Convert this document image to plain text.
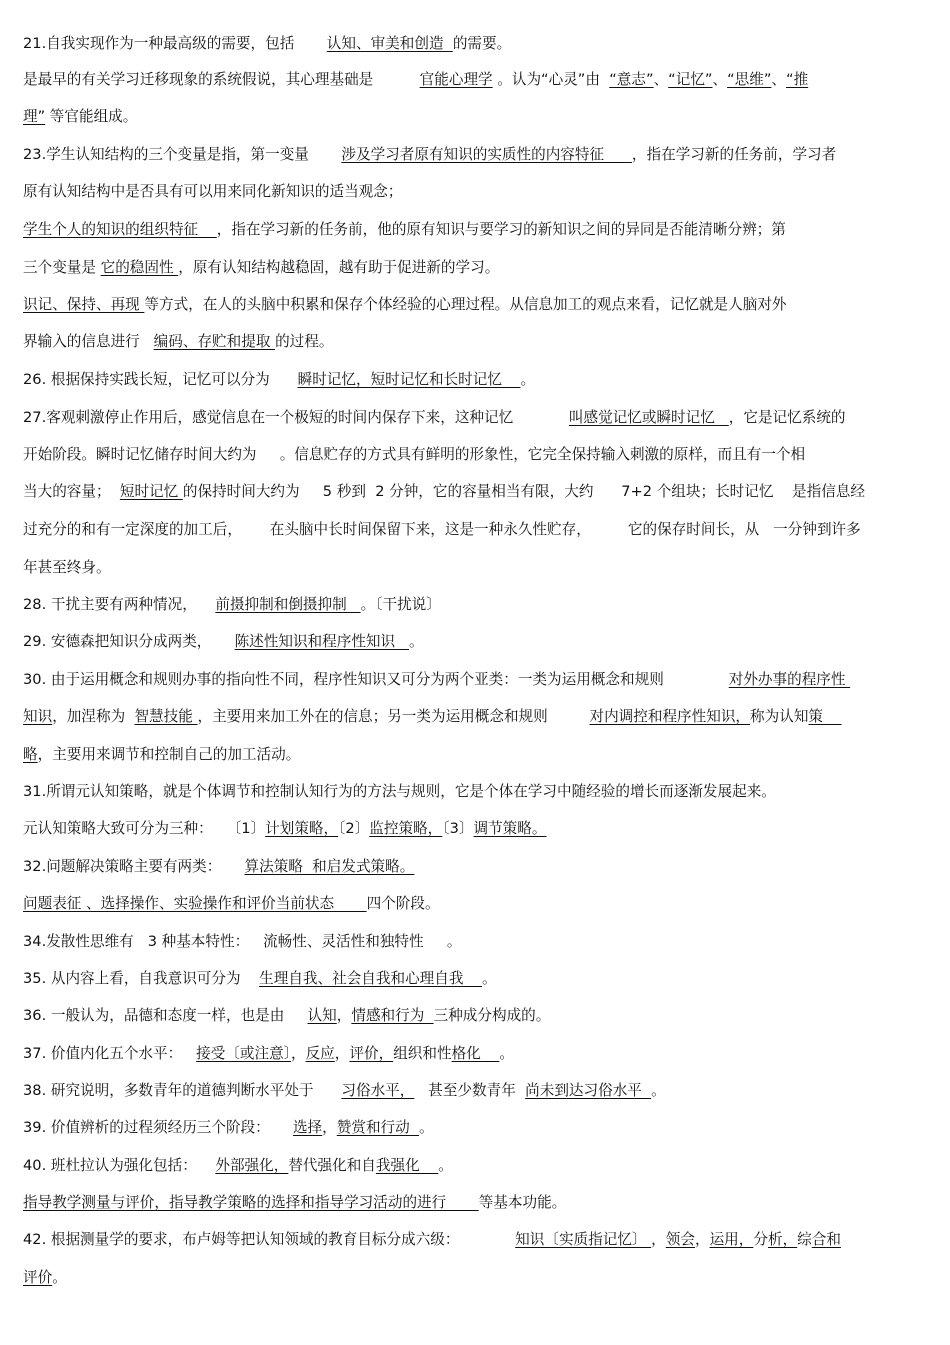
21.自我实现作为一种最高级的需要，包括       认知、审美和创造  的需要。
是最早的有关学习迁移现象的系统假说，其心理基础是          官能心理学 。认为“心灵”由  “意志”、“记忆”、“思维”、“推
理” 等官能组成。
23.学生认知结构的三个变量是指，第一变量       涉及学习者原有知识的实质性的内容特征      ，指在学习新的任务前，学习者
原有认知结构中是否具有可以用来同化新知识的适当观念；
学生个人的知识的组织特征    ，指在学习新的任务前，他的原有知识与要学习的新知识之间的异同是否能清晰分辨；第
三个变量是 它的稳固性 ，原有认知结构越稳固，越有助于促进新的学习。
识记、保持、再现 等方式，在人的头脑中积累和保存个体经验的心理过程。从信息加工的观点来看，记忆就是人脑对外
界输入的信息进行   编码、存贮和提取 的过程。
26. 根据保持实践长短，记忆可以分为      瞬时记忆，短时记忆和长时记忆    。
27.客观刺激停止作用后，感觉信息在一个极短的时间内保存下来，这种记忆            叫感觉记忆或瞬时记忆   ，它是记忆系统的
开始阶段。瞬时记忆储存时间大约为     。信息贮存的方式具有鲜明的形象性，它完全保持输入刺激的原样，而且有一个相
当大的容量；  短时记忆 的保持时间大约为     5 秒到  2 分钟，它的容量相当有限，大约      7+2 个组块；长时记忆    是指信息经
过充分的和有一定深度的加工后，      在头脑中长时间保留下来，这是一种永久性贮存，        它的保存时间长，从   一分钟到许多
年甚至终身。
28. 干扰主要有两种情况，    前摄抑制和倒摄抑制   。〔干扰说〕
29. 安德森把知识分成两类，     陈述性知识和程序性知识   。
30. 由于运用概念和规则办事的指向性不同，程序性知识又可分为两个亚类：一类为运用概念和规则              对外办事的程序性
知识，加涅称为  智慧技能 ，主要用来加工外在的信息；另一类为运用概念和规则         对内调控和程序性知识，称为认知策
略，主要用来调节和控制自己的加工活动。
31.所谓元认知策略，就是个体调节和控制认知行为的方法与规则，它是个体在学习中随经验的增长而逐渐发展起来。
元认知策略大致可分为三种：   〔1〕计划策略，〔2〕监控策略，〔3〕调节策略。
32.问题解决策略主要有两类：     算法策略  和启发式策略。
问题表征 、选择操作、实验操作和评价当前状态       四个阶段。
34.发散性思维有   3 种基本特性：   流畅性、灵活性和独特性     。
35. 从内容上看，自我意识可分为    生理自我、社会自我和心理自我    。
36. 一般认为，品德和态度一样，也是由     认知，情感和行为  三种成分构成的。
37. 价值内化五个水平：   接受〔或注意〕，反应，评价，组织和性格化    。
38. 研究说明，多数青年的道德判断水平处于      习俗水平，   甚至少数青年  尚未到达习俗水平  。
39. 价值辨析的过程须经历三个阶段：     选择，赞赏和行动  。
40. 班杜拉认为强化包括：    外部强化，替代强化和自我强化    。
指导教学测量与评价，指导教学策略的选择和指导学习活动的进行       等基本功能。
42. 根据测量学的要求，布卢姆等把认知领域的教育目标分成六级：            知识〔实质指记忆〕 ，领会，运用，分析，综合和
评价。
